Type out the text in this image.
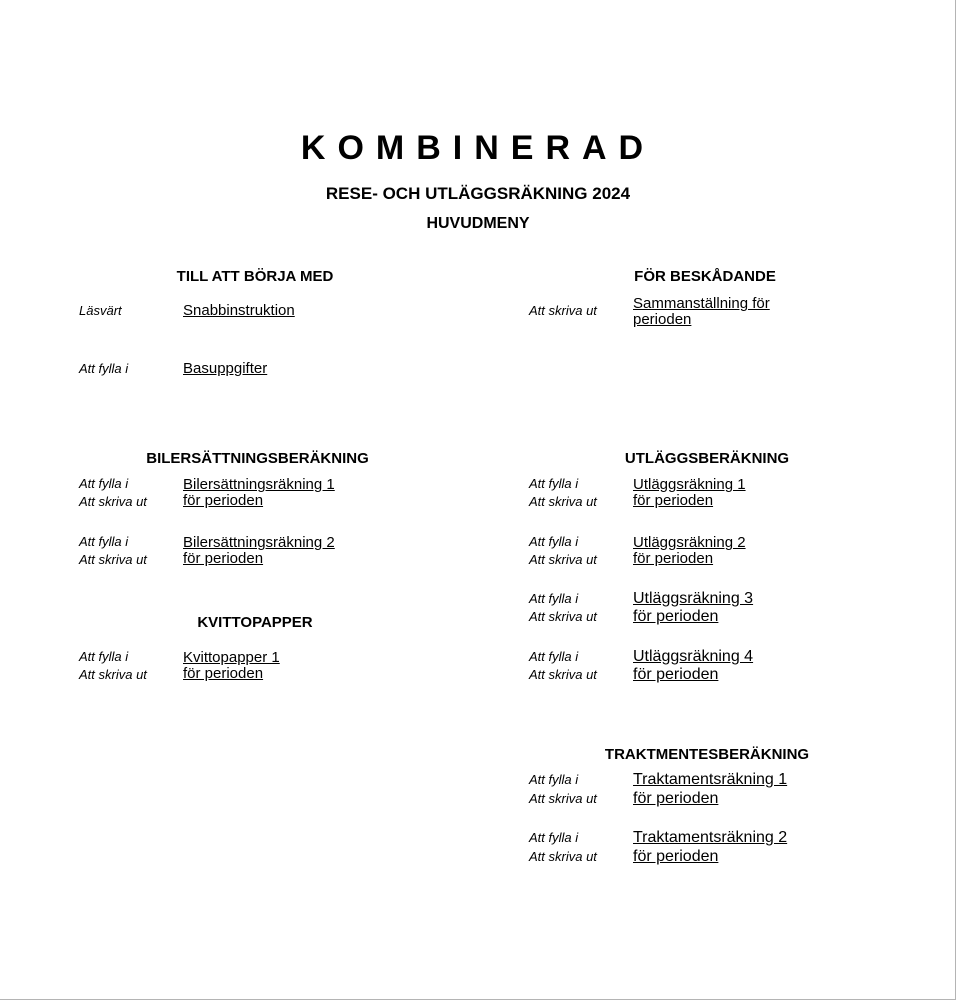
KOMBINERAD
RESE- OCH UTLÄGGSRÄKNING 2024
HUVUDMENY
TILL ATT BÖRJA MED
Läsvärt	Snabbinstruktion
Att fylla i	Basuppgifter
FÖR BESKÅDANDE
Att skriva ut Sammanställning för
perioden
BILERSÄTTNINGSBERÄKNING
Att fylla i
Att skriva ut
Bilersättningsräkning 1
för perioden
Att fylla i
Att skriva ut
Bilersättningsräkning 2
för perioden
KVITTOPAPPER
Att fylla i
Att skriva ut
Kvittopapper 1
för perioden
UTLÄGGSBERÄKNING
Att fylla i
Att skriva ut
Utläggsräkning 1
för perioden
Att fylla i
Att skriva ut
Utläggsräkning 2
för perioden
Att fylla i
Att skriva ut
Utläggsräkning 3
för perioden
Att fylla i
Att skriva ut
Utläggsräkning 4
för perioden
TRAKTMENTESBERÄKNING
Att fylla i
Att skriva ut
Traktamentsräkning 1
för perioden
Att fylla i
Att skriva ut
Traktamentsräkning 2
för perioden
